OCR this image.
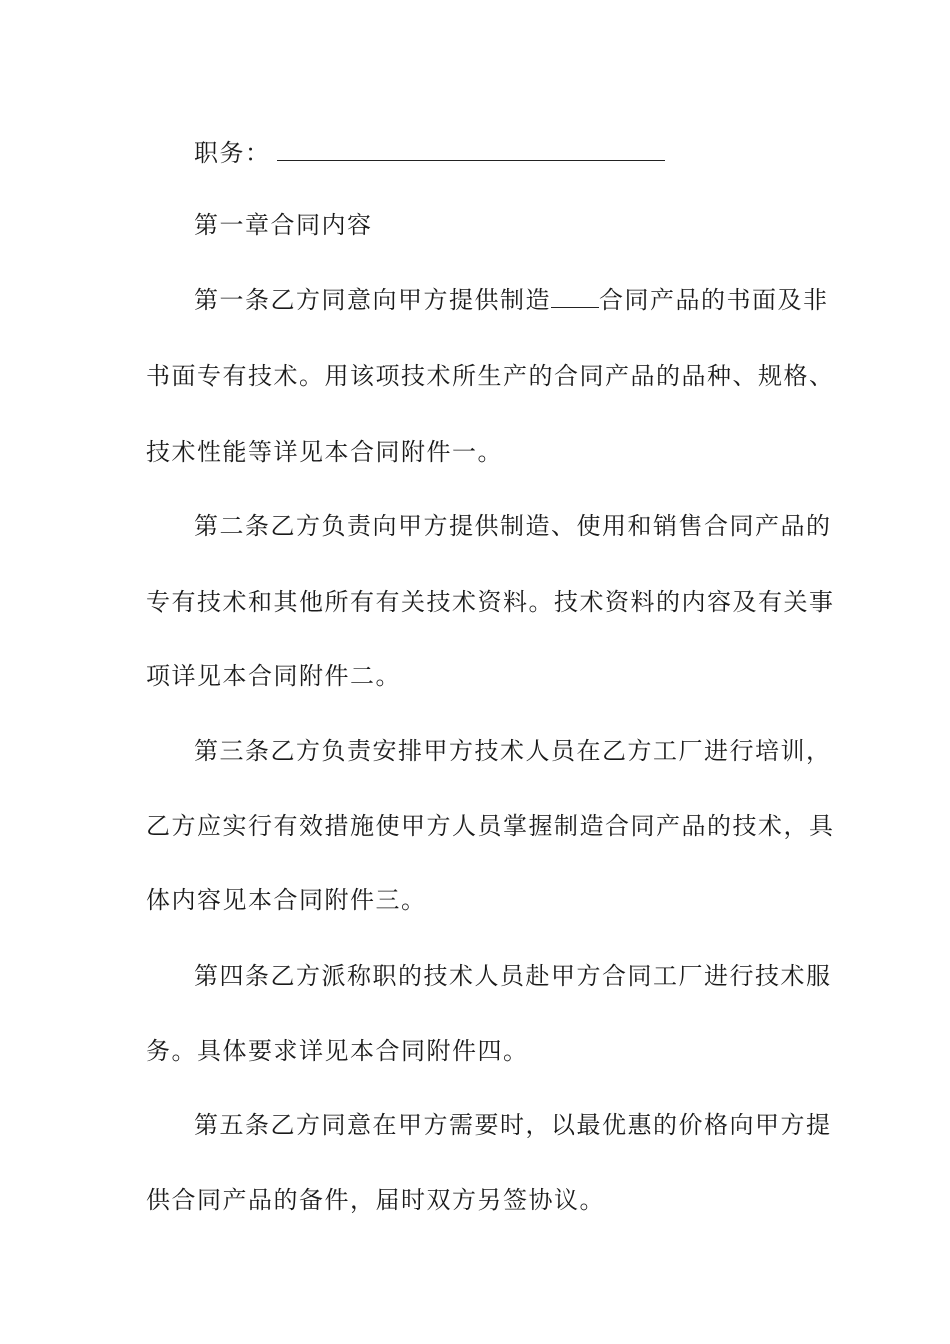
职务：
第一章合同内容
第一条乙方同意向甲方提供制造 合同产品的书面及非
书面专有技术。用该项技术所生产的合同产品的品种、规格、
技术性能等详见本合同附件一。
第二条乙方负责向甲方提供制造、使用和销售合同产品的
专有技术和其他所有有关技术资料。技术资料的内容及有关事
项详见本合同附件二。
第三条乙方负责安排甲方技术人员在乙方工厂进行培训，
乙方应实行有效措施使甲方人员掌握制造合同产品的技术，具
体内容见本合同附件三。
第四条乙方派称职的技术人员赴甲方合同工厂进行技术服
务。具体要求详见本合同附件四。
第五条乙方同意在甲方需要时，以最优惠的价格向甲方提
供合同产品的备件，届时双方另签协议。
